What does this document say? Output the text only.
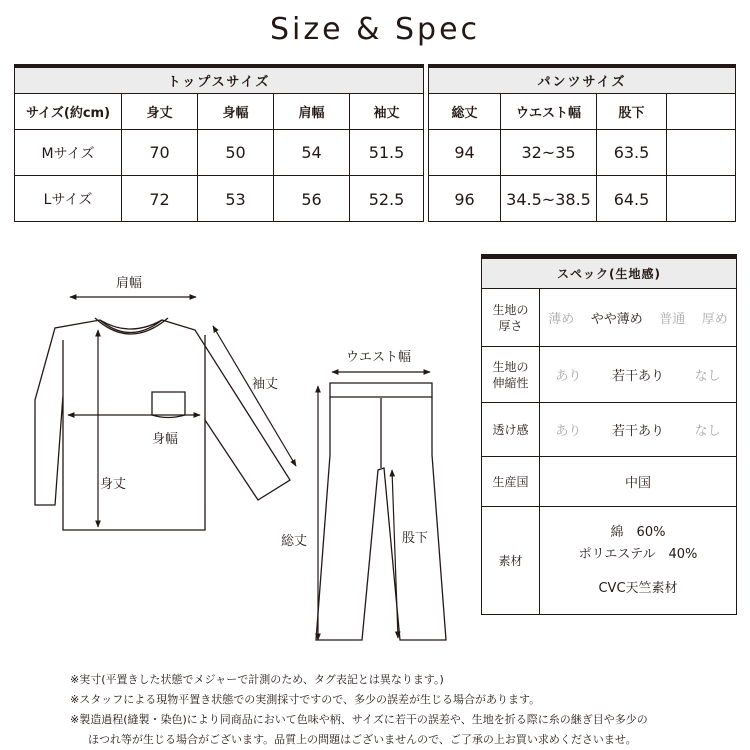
Size & Spec
トップスサイズ
サイズ(約cm)	身丈	身幅	肩幅	袖丈
Mサイズ	70	50	54	51.5
Lサイズ	72	53	56	52.5
パンツサイズ
総丈	ウエスト幅	股下
94	32~35	63.5
96	34.5~38.5	64.5
肩幅
袖丈
身幅
身丈
ウエスト幅
総丈	股下
スペック(生地感)
生地の
厚さ	薄め やや薄め 普通 厚め
生地の
伸縮性	あり 若干あり なし
透け感	あり 若干あり なし
生産国	中国
素材
綿　60%
ポリエステル　40%
CVC天竺素材
※実寸(平置きした状態でメジャーで計測のため、タグ表記とは異なります。)
※スタッフによる現物平置き状態での実測採寸ですので、多少の誤差が生じる場合があります。
※製造過程(縫製・染色)により同商品において色味や柄、サイズに若干の誤差や、生地を折る際に糸の継ぎ目や多少の
ほつれ等が生じる場合がございます。品質上の問題はございませんので、ご了承の上お買い求めくださいませ。
